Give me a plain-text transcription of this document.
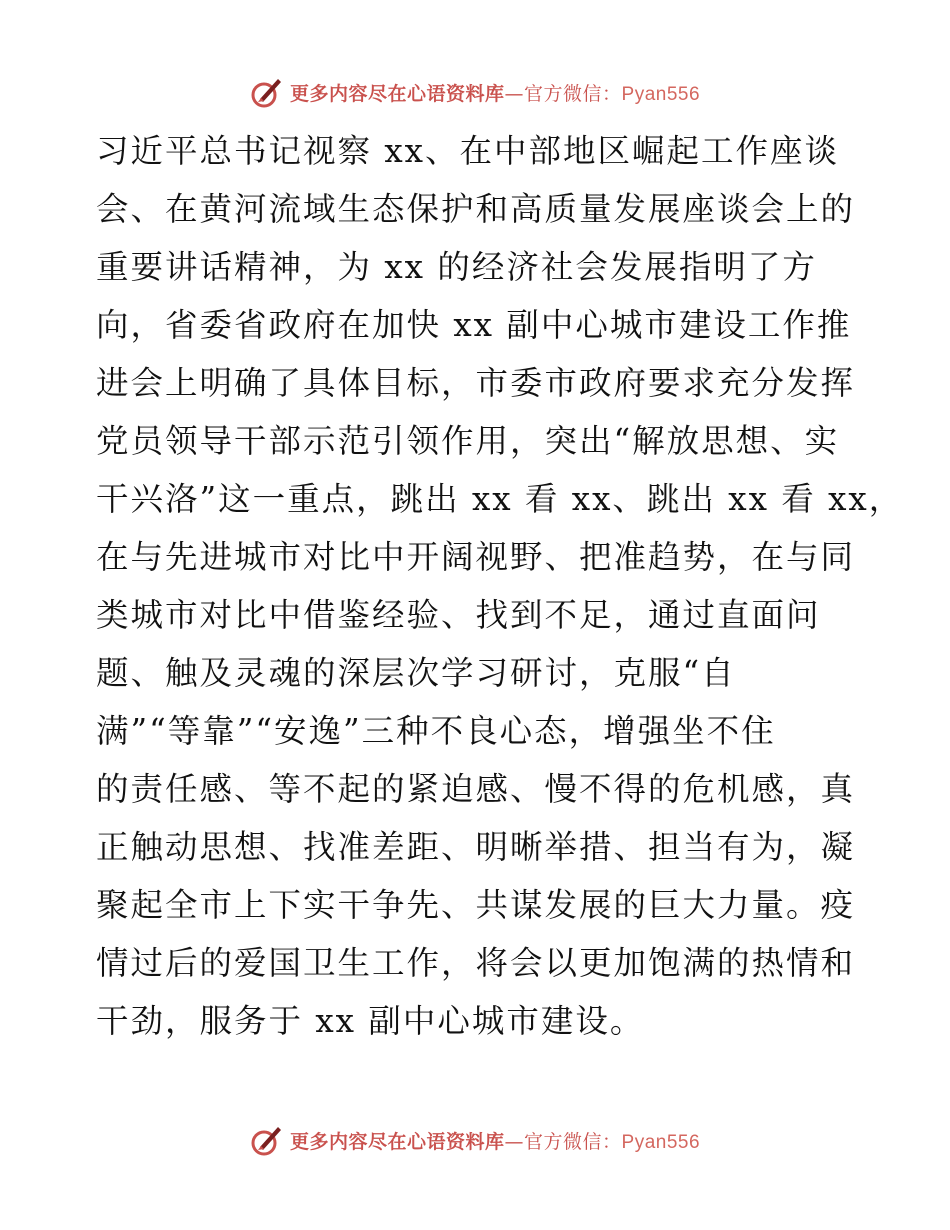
更多内容尽在心语资料库—官方微信：Pyan556
习近平总书记视察 xx、在中部地区崛起工作座谈
会、在黄河流域生态保护和高质量发展座谈会上的
重要讲话精神，为 xx 的经济社会发展指明了方
向，省委省政府在加快 xx 副中心城市建设工作推
进会上明确了具体目标，市委市政府要求充分发挥
党员领导干部示范引领作用，突出“解放思想、实
干兴洛”这一重点，跳出 xx 看 xx、跳出 xx 看 xx，
在与先进城市对比中开阔视野、把准趋势，在与同
类城市对比中借鉴经验、找到不足，通过直面问
题、触及灵魂的深层次学习研讨，克服“自
满”“等靠”“安逸”三种不良心态，增强坐不住
的责任感、等不起的紧迫感、慢不得的危机感，真
正触动思想、找准差距、明晰举措、担当有为，凝
聚起全市上下实干争先、共谋发展的巨大力量。疫
情过后的爱国卫生工作，将会以更加饱满的热情和
干劲，服务于 xx 副中心城市建设。
更多内容尽在心语资料库—官方微信：Pyan556
